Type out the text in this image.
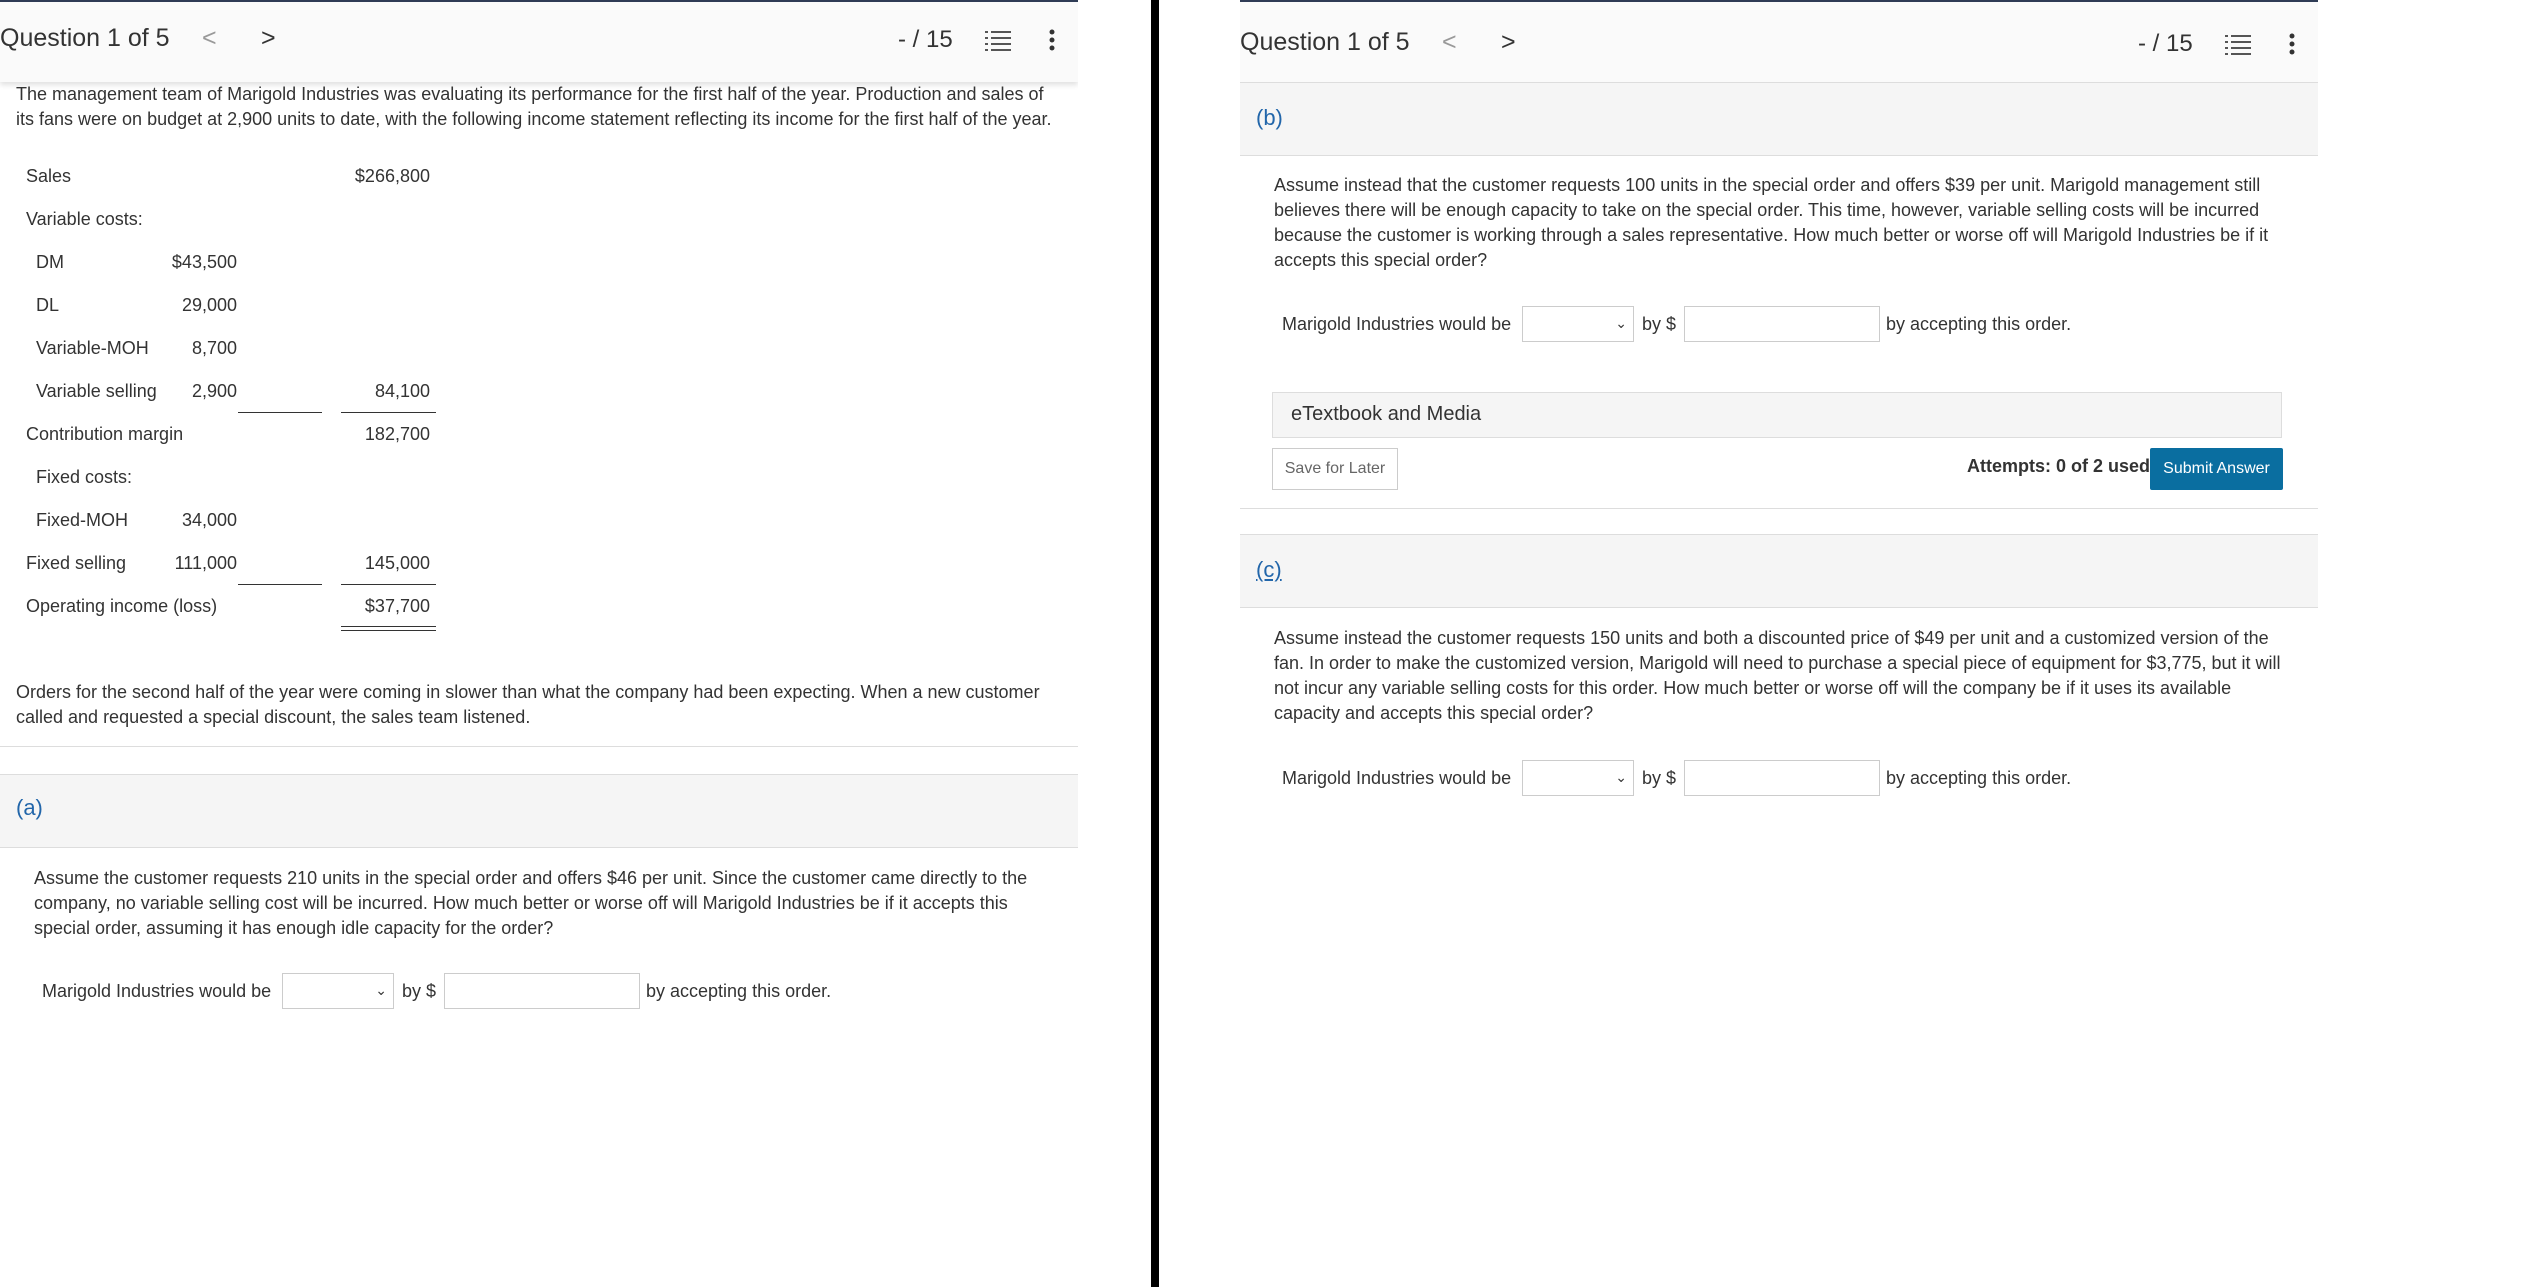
Question 1 of 5 < >	- / 15
The management team of Marigold Industries was evaluating its performance for the first half of the year. Production and sales of its fans were on budget at 2,900 units to date, with the following income statement reflecting its income for the first half of the year.
Sales	$266,800
Variable costs:
DM	$43,500
DL	29,000
Variable-MOH 8,700
Variable selling 2,900	84,100
Contribution margin	182,700
Fixed costs:
Fixed-MOH	34,000
Fixed selling	111,000	145,000
Operating income (loss)	$37,700
Orders for the second half of the year were coming in slower than what the company had been expecting. When a new customer called and requested a special discount, the sales team listened.
(a)
Assume the customer requests 210 units in the special order and offers $46 per unit. Since the customer came directly to the company, no variable selling cost will be incurred. How much better or worse off will Marigold Industries be if it accepts this special order, assuming it has enough idle capacity for the order?
Marigold Industries would be	⌄ by $	by accepting this order.
Question 1 of 5 < >	- / 15
(b)
Assume instead that the customer requests 100 units in the special order and offers $39 per unit. Marigold management still believes there will be enough capacity to take on the special order. This time, however, variable selling costs will be incurred because the customer is working through a sales representative. How much better or worse off will Marigold Industries be if it accepts this special order?
Marigold Industries would be	⌄ by $	by accepting this order.
eTextbook and Media
Save for Later	Attempts: 0 of 2 used Submit Answer
(c)
Assume instead the customer requests 150 units and both a discounted price of $49 per unit and a customized version of the fan. In order to make the customized version, Marigold will need to purchase a special piece of equipment for $3,775, but it will not incur any variable selling costs for this order. How much better or worse off will the company be if it uses its available capacity and accepts this special order?
Marigold Industries would be	⌄ by $	by accepting this order.
